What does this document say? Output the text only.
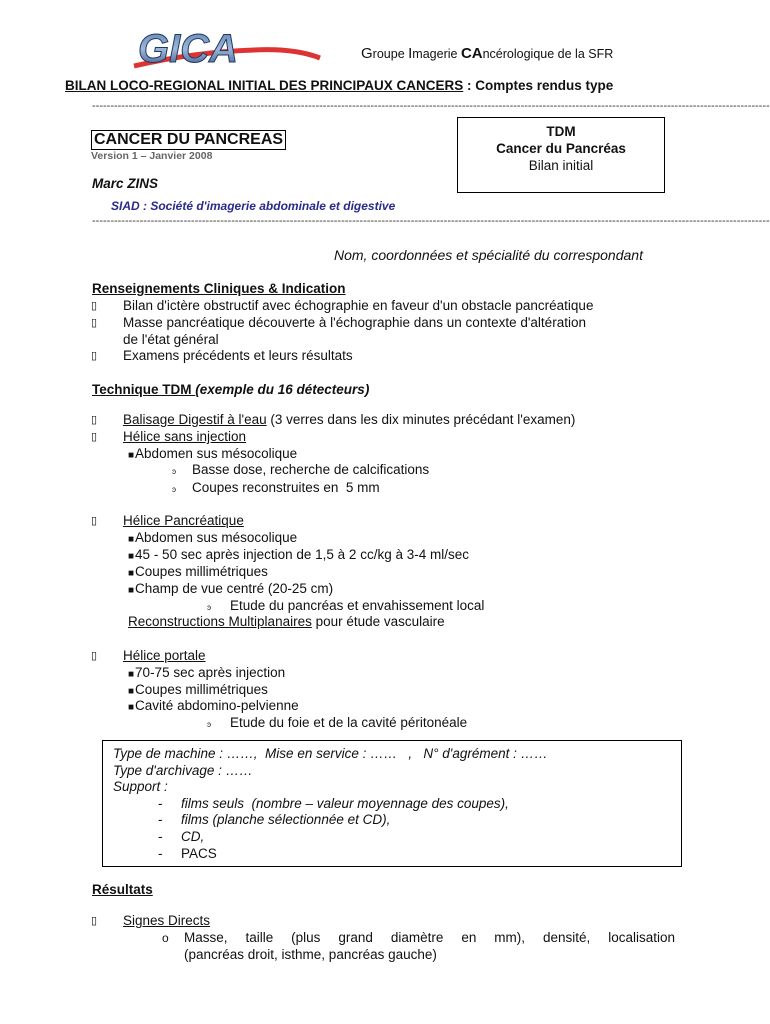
GICA	Groupe Imagerie CAncérologique de la SFR
BILAN LOCO-REGIONAL INITIAL DES PRINCIPAUX CANCERS : Comptes rendus type
-----------------------------------------------------------------------------------------------------------------------------------------------------------------------------------------
CANCER DU PANCREAS
Version 1 – Janvier 2008
Marc ZINS
SIAD : Société d'imagerie abdominale et digestive
TDM
Cancer du Pancréas
Bilan initial
-----------------------------------------------------------------------------------------------------------------------------------------------------------------------------------------
Nom, coordonnées et spécialité du correspondant
Renseignements Cliniques & Indication
▯ Bilan d'ictère obstructif avec échographie en faveur d'un obstacle pancréatique
▯ Masse pancréatique découverte à l'échographie dans un contexte d'altération
de l'état général
▯ Examens précédents et leurs résultats
Technique TDM (exemple du 16 détecteurs)
▯ Balisage Digestif à l'eau (3 verres dans les dix minutes précédant l'examen)
▯ Hélice sans injection
■Abdomen sus mésocolique
ͽ Basse dose, recherche de calcifications
ͽ Coupes reconstruites en  5 mm
▯ Hélice Pancréatique
■Abdomen sus mésocolique
■45 - 50 sec après injection de 1,5 à 2 cc/kg à 3-4 ml/sec
■Coupes millimétriques
■Champ de vue centré (20-25 cm)
ͽ Etude du pancréas et envahissement local
Reconstructions Multiplanaires pour étude vasculaire
▯ Hélice portale
■70-75 sec après injection
■Coupes millimétriques
■Cavité abdomino-pelvienne
ͽ Etude du foie et de la cavité péritonéale
Type de machine : ……,  Mise en service : ……   ,   N° d'agrément : ……
Type d'archivage : ……
Support :
- films seuls  (nombre – valeur moyennage des coupes),
- films (planche sélectionnée et CD),
- CD,
- PACS
Résultats
▯ Signes Directs
o Masse, taille (plus grand diamètre en mm), densité, localisation
(pancréas droit, isthme, pancréas gauche)
